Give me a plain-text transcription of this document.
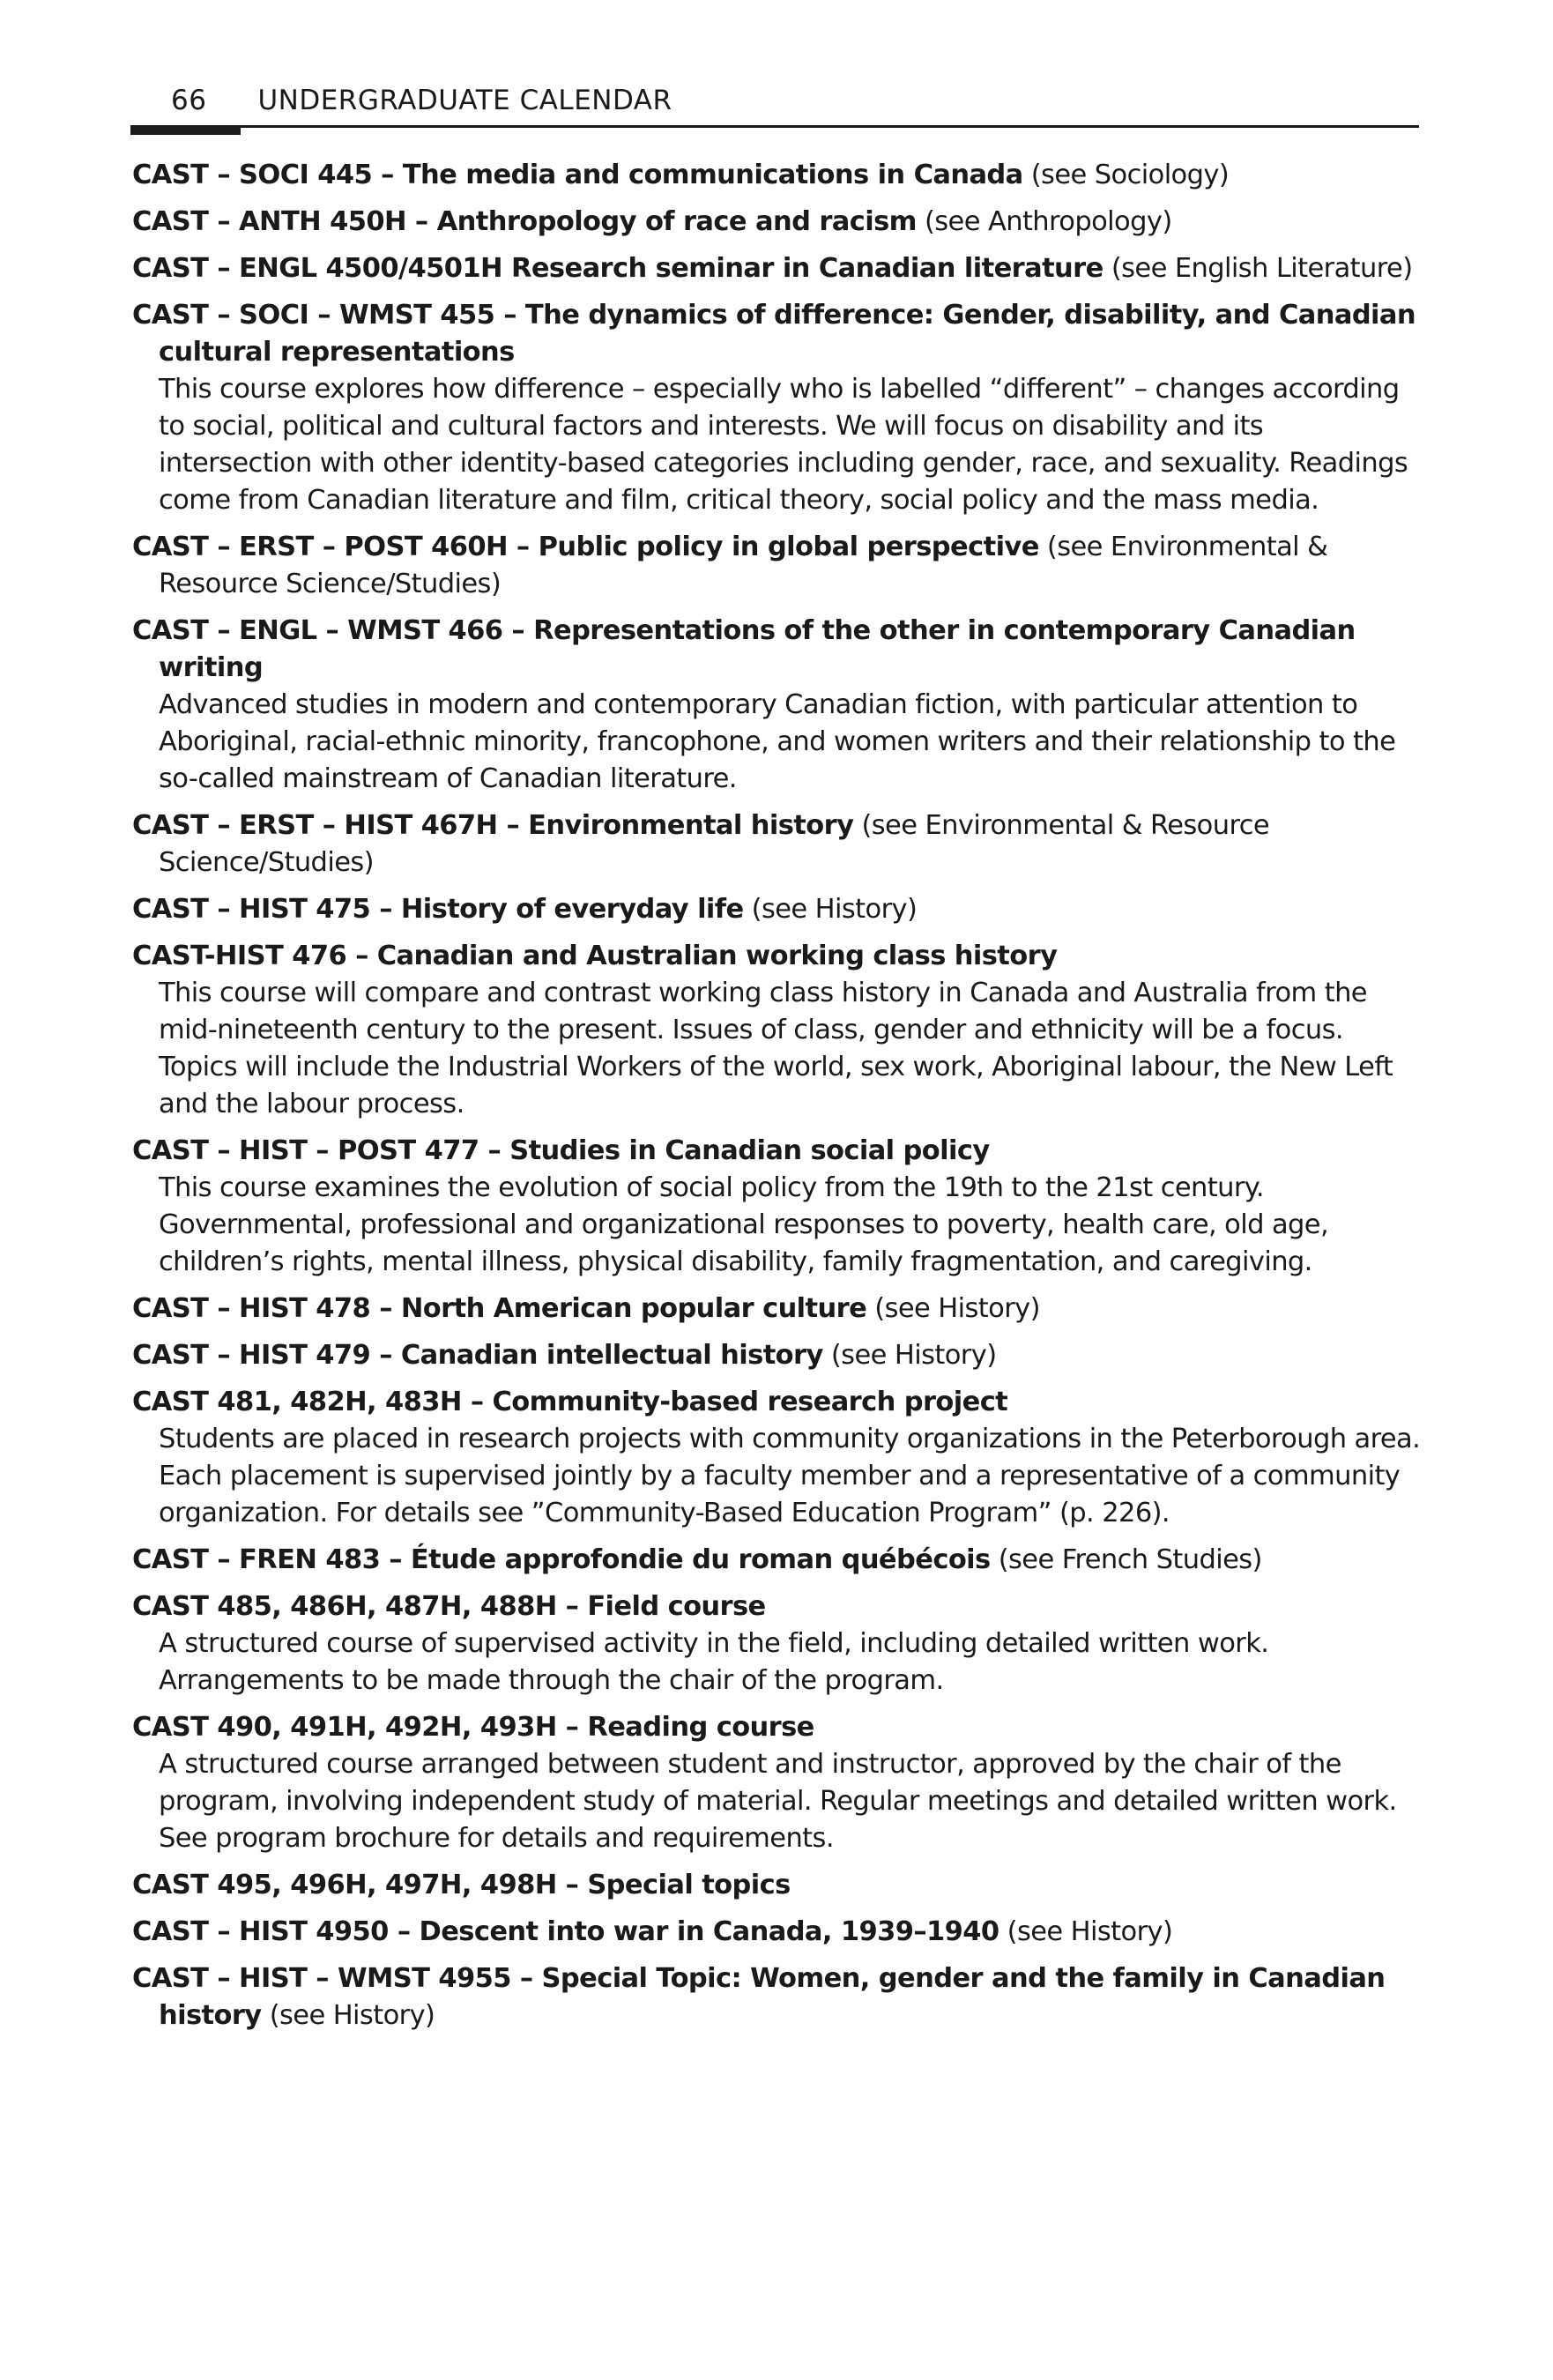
66 UNDERGRADUATE CALENDAR

CAST – SOCI 445 – The media and communications in Canada (see Sociology)

CAST – ANTH 450H – Anthropology of race and racism (see Anthropology)

CAST – ENGL 4500/4501H Research seminar in Canadian literature (see English Literature)

CAST – SOCI – WMST 455 – The dynamics of difference: Gender, disability, and Canadian cultural representations

This course explores how difference – especially who is labelled “different” – changes according to social, political and cultural factors and interests. We will focus on disability and its intersection with other identity-based categories including gender, race, and sexuality. Readings come from Canadian literature and film, critical theory, social policy and the mass media.

CAST – ERST – POST 460H – Public policy in global perspective (see Environmental & Resource Science/Studies)

CAST – ENGL – WMST 466 – Representations of the other in contemporary Canadian writing

Advanced studies in modern and contemporary Canadian fiction, with particular attention to Aboriginal, racial-ethnic minority, francophone, and women writers and their relationship to the so-called mainstream of Canadian literature.

CAST – ERST – HIST 467H – Environmental history (see Environmental & Resource Science/Studies)

CAST – HIST 475 – History of everyday life (see History)

CAST-HIST 476 – Canadian and Australian working class history

This course will compare and contrast working class history in Canada and Australia from the mid-nineteenth century to the present. Issues of class, gender and ethnicity will be a focus. Topics will include the Industrial Workers of the world, sex work, Aboriginal labour, the New Left and the labour process.

CAST – HIST – POST 477 – Studies in Canadian social policy

This course examines the evolution of social policy from the 19th to the 21st century. Governmental, professional and organizational responses to poverty, health care, old age, children’s rights, mental illness, physical disability, family fragmentation, and caregiving.

CAST – HIST 478 – North American popular culture (see History)

CAST – HIST 479 – Canadian intellectual history (see History)

CAST 481, 482H, 483H – Community-based research project

Students are placed in research projects with community organizations in the Peterborough area. Each placement is supervised jointly by a faculty member and a representative of a community organization. For details see ”Community-Based Education Program” (p. 226).

CAST – FREN 483 – Étude approfondie du roman québécois (see French Studies)

CAST 485, 486H, 487H, 488H – Field course

A structured course of supervised activity in the field, including detailed written work. Arrangements to be made through the chair of the program.

CAST 490, 491H, 492H, 493H – Reading course

A structured course arranged between student and instructor, approved by the chair of the program, involving independent study of material. Regular meetings and detailed written work. See program brochure for details and requirements.

CAST 495, 496H, 497H, 498H – Special topics

CAST – HIST 4950 – Descent into war in Canada, 1939–1940 (see History)

CAST – HIST – WMST 4955 – Special Topic: Women, gender and the family in Canadian history (see History)
